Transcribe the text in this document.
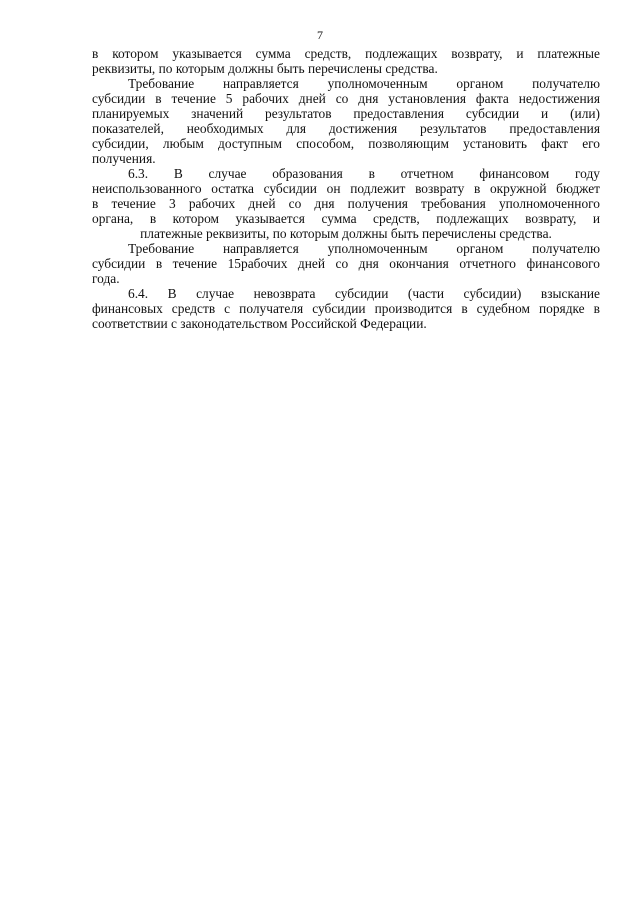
7
в котором указывается сумма средств, подлежащих возврату, и платежные
реквизиты, по которым должны быть перечислены средства.
Требование направляется уполномоченным органом получателю
субсидии в течение 5 рабочих дней со дня установления факта недостижения
планируемых значений результатов предоставления субсидии и (или)
показателей, необходимых для достижения результатов предоставления
субсидии, любым доступным способом, позволяющим установить факт его
получения.
6.3. В случае образования в отчетном финансовом году
неиспользованного остатка субсидии он подлежит возврату в окружной бюджет
в течение 3 рабочих дней со дня получения требования уполномоченного
органа, в котором указывается сумма средств, подлежащих возврату, и
платежные реквизиты, по которым должны быть перечислены средства.
Требование направляется уполномоченным органом получателю
субсидии в течение 15рабочих дней со дня окончания отчетного финансового
года.
6.4. В случае невозврата субсидии (части субсидии) взыскание
финансовых средств с получателя субсидии производится в судебном порядке в
соответствии с законодательством Российской Федерации.
